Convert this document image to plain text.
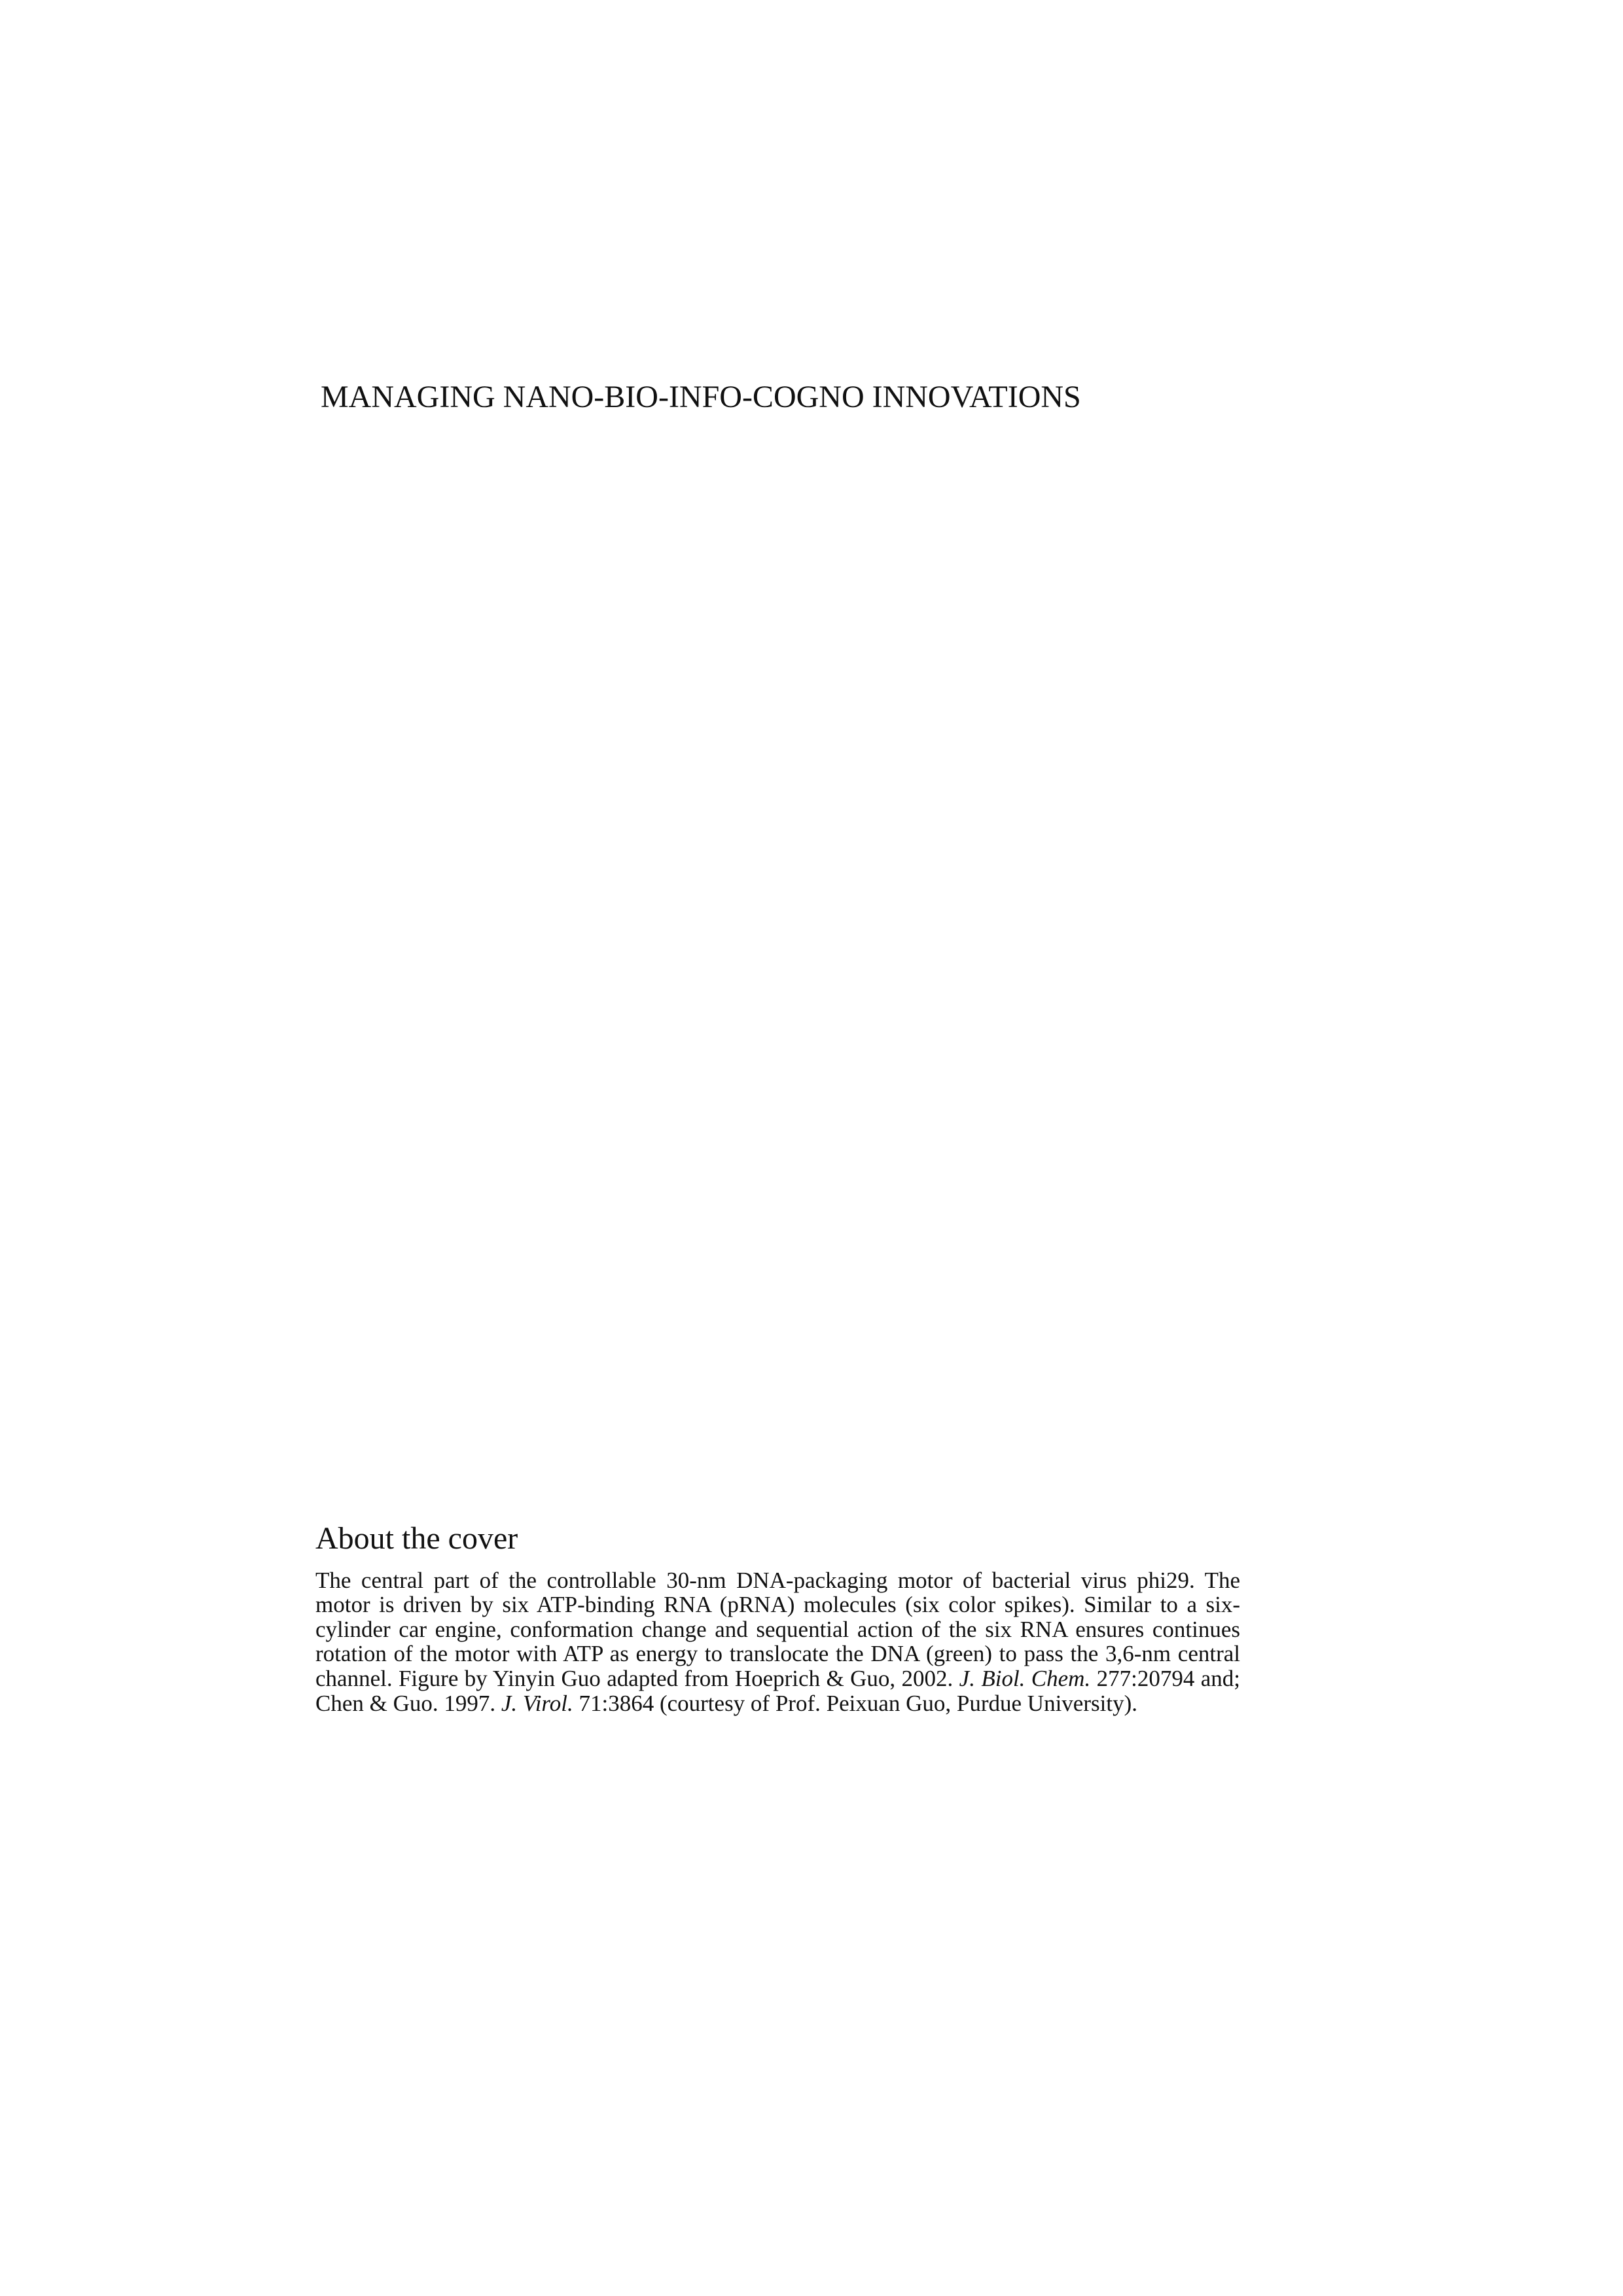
MANAGING NANO-BIO-INFO-COGNO INNOVATIONS
About the cover

The central part of the controllable 30-nm DNA-packaging motor of bacterial virus phi29. The motor is driven by six ATP-binding RNA (pRNA) molecules (six color spikes). Similar to a six-cylinder car engine, conformation change and sequential action of the six RNA ensures continues rotation of the motor with ATP as energy to translocate the DNA (green) to pass the 3,6-nm central channel. Figure by Yinyin Guo adapted from Hoeprich & Guo, 2002. J. Biol. Chem. 277:20794 and; Chen & Guo. 1997. J. Virol. 71:3864 (courtesy of Prof. Peixuan Guo, Purdue University).
